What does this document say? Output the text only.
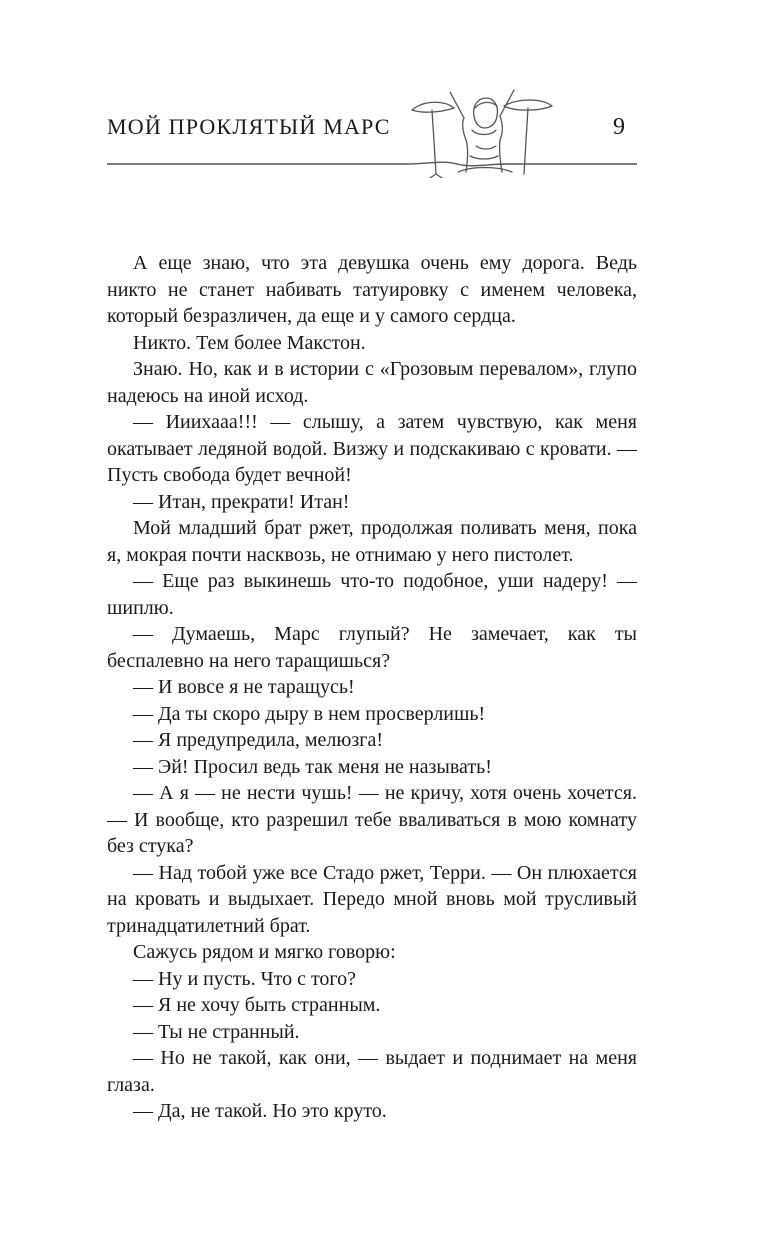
МОЙ ПРОКЛЯТЫЙ МАРС	9

А еще знаю, что эта девушка очень ему дорога. Ведь никто не станет набивать татуировку с именем человека, который безразличен, да еще и у самого сердца.

Никто. Тем более Макстон.

Знаю. Но, как и в истории с «Грозовым перевалом», глупо надеюсь на иной исход.

— Ииихааа!!! — слышу, а затем чувствую, как меня окатывает ледяной водой. Визжу и подскакиваю с кровати. — Пусть свобода будет вечной!

— Итан, прекрати! Итан!

Мой младший брат ржет, продолжая поливать меня, пока я, мокрая почти насквозь, не отнимаю у него пистолет.

— Еще раз выкинешь что-то подобное, уши надеру! — шиплю.

— Думаешь, Марс глупый? Не замечает, как ты беспалевно на него таращишься?

— И вовсе я не таращусь!

— Да ты скоро дыру в нем просверлишь!

— Я предупредила, мелюзга!

— Эй! Просил ведь так меня не называть!

— А я — не нести чушь! — не кричу, хотя очень хочется. — И вообще, кто разрешил тебе вваливаться в мою комнату без стука?

— Над тобой уже все Стадо ржет, Терри. — Он плюхается на кровать и выдыхает. Передо мной вновь мой трусливый тринадцатилетний брат.

Сажусь рядом и мягко говорю:

— Ну и пусть. Что с того?

— Я не хочу быть странным.

— Ты не странный.

— Но не такой, как они, — выдает и поднимает на меня глаза.

— Да, не такой. Но это круто.
